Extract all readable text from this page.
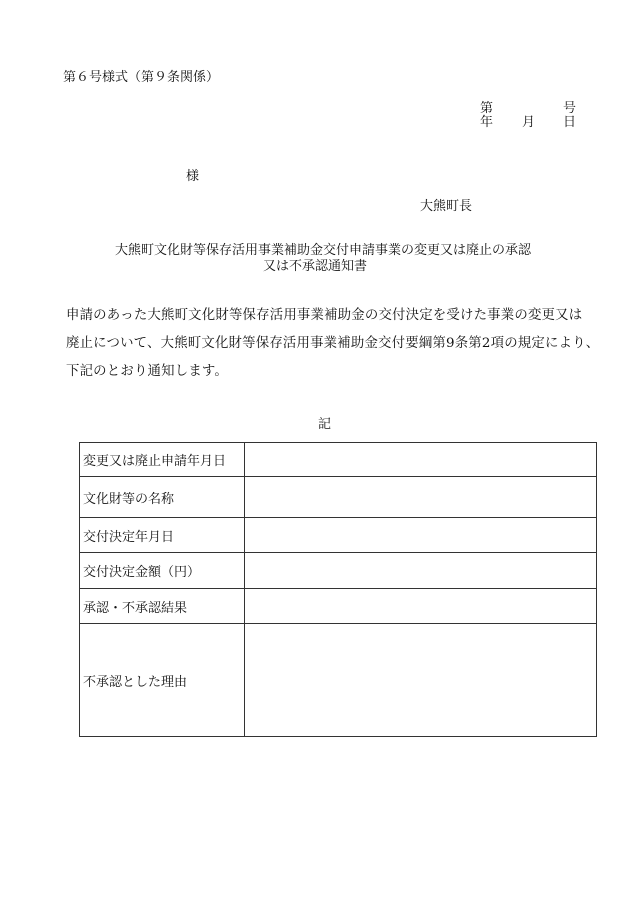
第６号様式（第９条関係）
第	号
年 月 日
様
大熊町長
大熊町文化財等保存活用事業補助金交付申請事業の変更又は廃止の承認
又は不承認通知書
申請のあった大熊町文化財等保存活用事業補助金の交付決定を受けた事業の変更又は
廃止について、大熊町文化財等保存活用事業補助金交付要綱第9条第2項の規定により、
下記のとおり通知します。
記
変更又は廃止申請年月日	
文化財等の名称	
交付決定年月日	
交付決定金額（円）	
承認・不承認結果	
不承認とした理由	
